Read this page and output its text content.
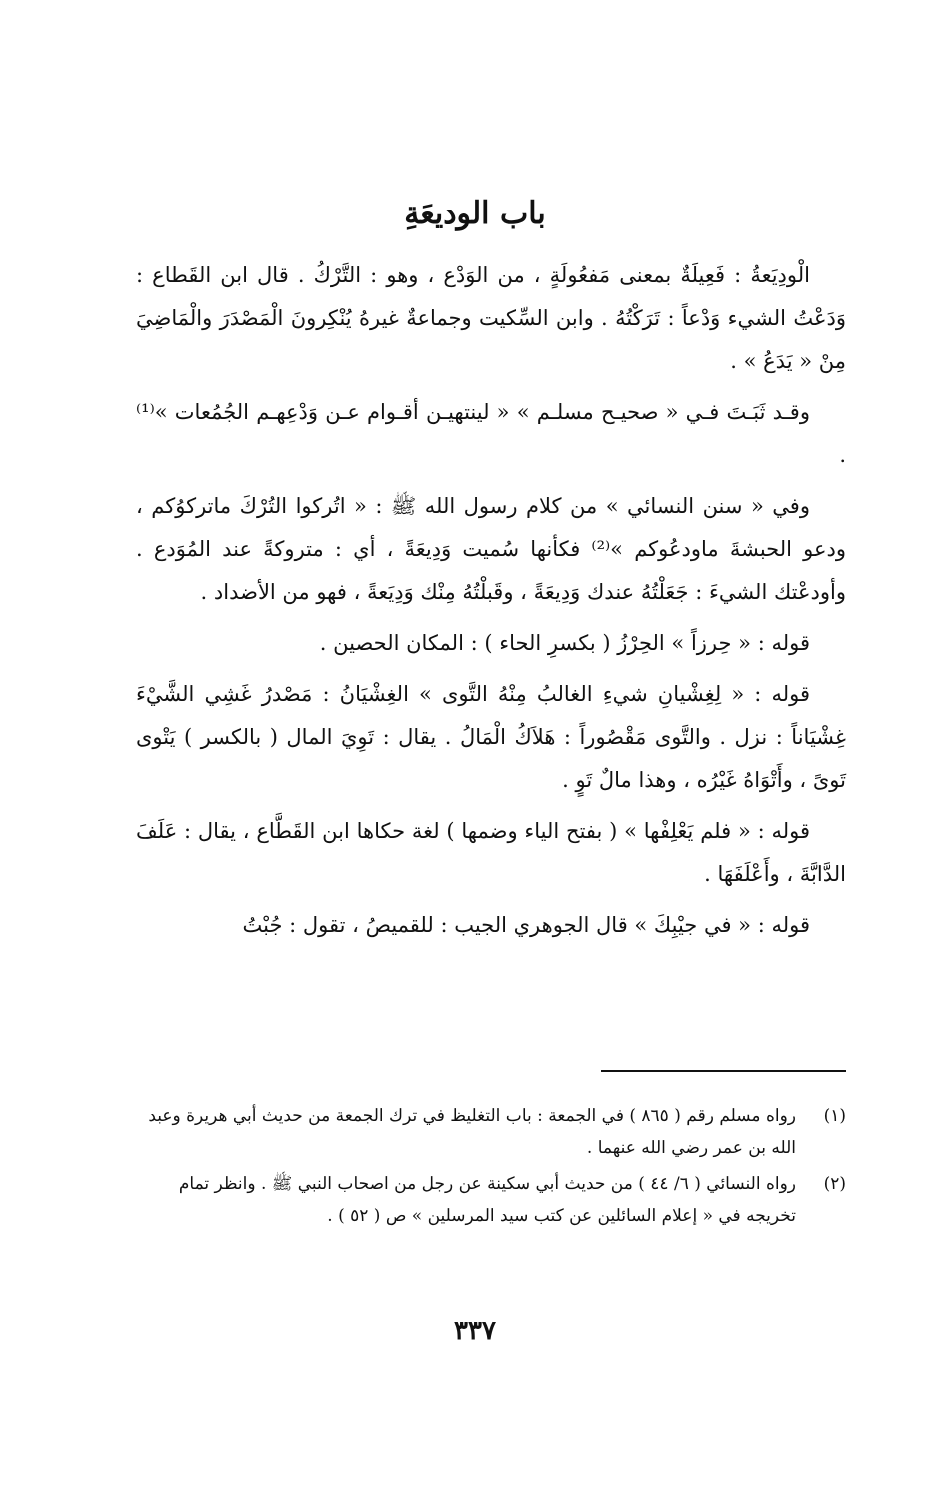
باب الوديعَةِ

الْودِيَعةُ : فَعِيلَةٌ بمعنى مَفعُولَةٍ ، من الوَدْع ، وهو : التَّرْكُ . قال ابن القَطاع : وَدَعْتُ الشيء وَدْعاً : تَرَكْتُهُ . وابن السِّكيت وجماعةٌ غيرهُ يُنْكِرونَ الْمَصْدَرَ والْمَاضِيَ مِنْ « يَدَعُ » .

وقـد ثَبَـتَ فـي « صحيـح مسلـم » « لينتهيـن أقـوام عـن وَدْعِهـم الجُمُعات »⁽¹⁾ .

وفي « سنن النسائي » من كلام رسول الله ﷺ : « اتُركوا التُرْكَ ماتركوُكم ، ودعو الحبشةَ ماودعُوكم »⁽²⁾ فكأنها سُميت وَدِيعَةً ، أي : متروكةً عند المُوَدع . وأودعْتك الشيءَ : جَعَلْتُهُ عندك وَدِيعَةً ، وقَبلْتُهُ مِنْك وَدِيَعةً ، فهو من الأضداد .

قوله : « حِرزاً » الحِرْزُ ( بكسرِ الحاء ) : المكان الحصين .

قوله : « لِغِشْيانِ شيءِ الغالبُ مِنْهُ التَّوى » الغِشْيَانُ : مَصْدرُ غَشِي الشَّيْءَ غِشْيَاناً : نزل . والتَّوى مَقْصُوراً : هَلاَكُ الْمَالُ . يقال : تَوِيَ المال ( بالكسر ) يَتْوى تَوىً ، وأَتْوَاهُ غَيْرُه ، وهذا مالٌ تَوٍ .

قوله : « فلم يَعْلِفْها » ( بفتح الياء وضمها ) لغة حكاها ابن القَطَّاع ، يقال : عَلَفَ الدَّابَّةَ ، وأَعْلَفَهَا .

قوله : « في جيْبِكَ » قال الجوهري الجيب : للقميصُ ، تقول : جُبْتُ

(١)
رواه مسلم رقم ( ٨٦٥ ) في الجمعة : باب التغليظ في ترك الجمعة من حديث أبي هريرة وعبد الله بن عمر رضي الله عنهما .
(٢)
رواه النسائي ( ٦/ ٤٤ ) من حديث أبي سكينة عن رجل من اصحاب النبي ﷺ . وانظر تمام تخريجه في « إعلام السائلين عن كتب سيد المرسلين » ص ( ٥٢ ) .
٣٣٧
